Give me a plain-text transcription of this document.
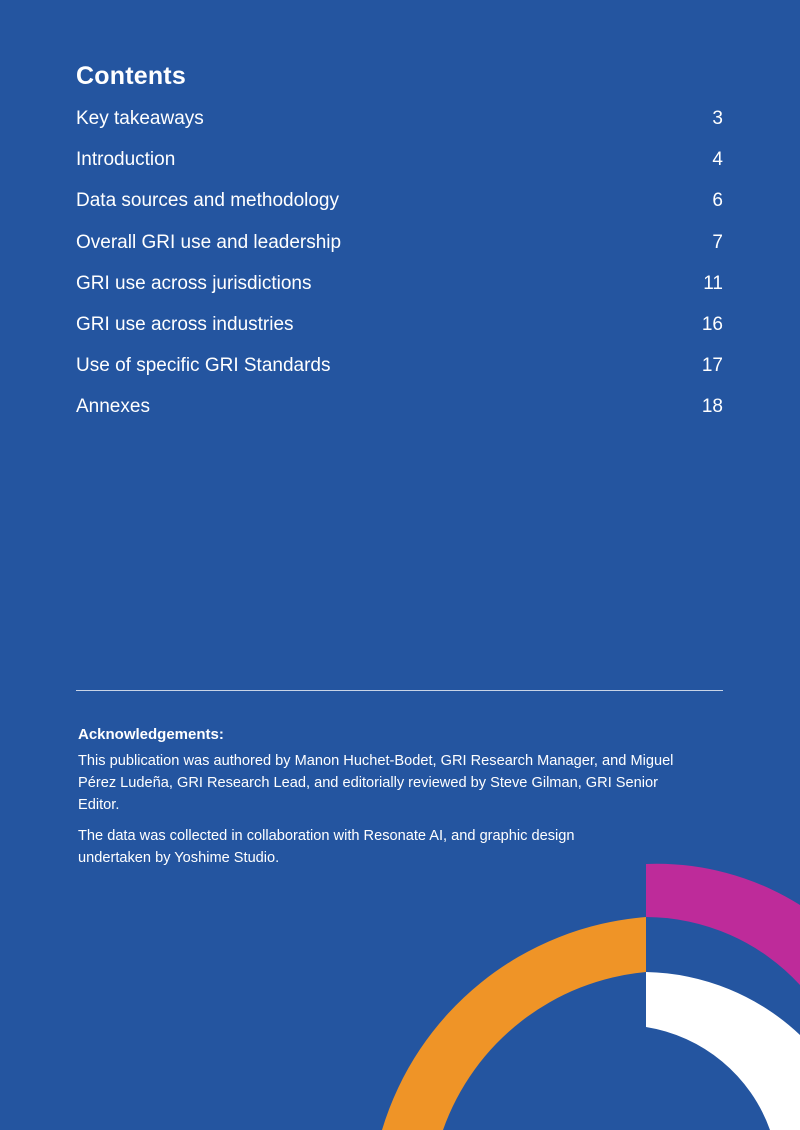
Contents
Key takeaways	3
Introduction	4
Data sources and methodology	6
Overall GRI use and leadership	7
GRI use across jurisdictions	11
GRI use across industries	16
Use of specific GRI Standards	17
Annexes	18
Acknowledgements:

This publication was authored by Manon Huchet-Bodet, GRI Research Manager, and Miguel Pérez Ludeña, GRI Research Lead, and editorially reviewed by Steve Gilman, GRI Senior Editor.

The data was collected in collaboration with Resonate AI, and graphic design undertaken by Yoshime Studio.
